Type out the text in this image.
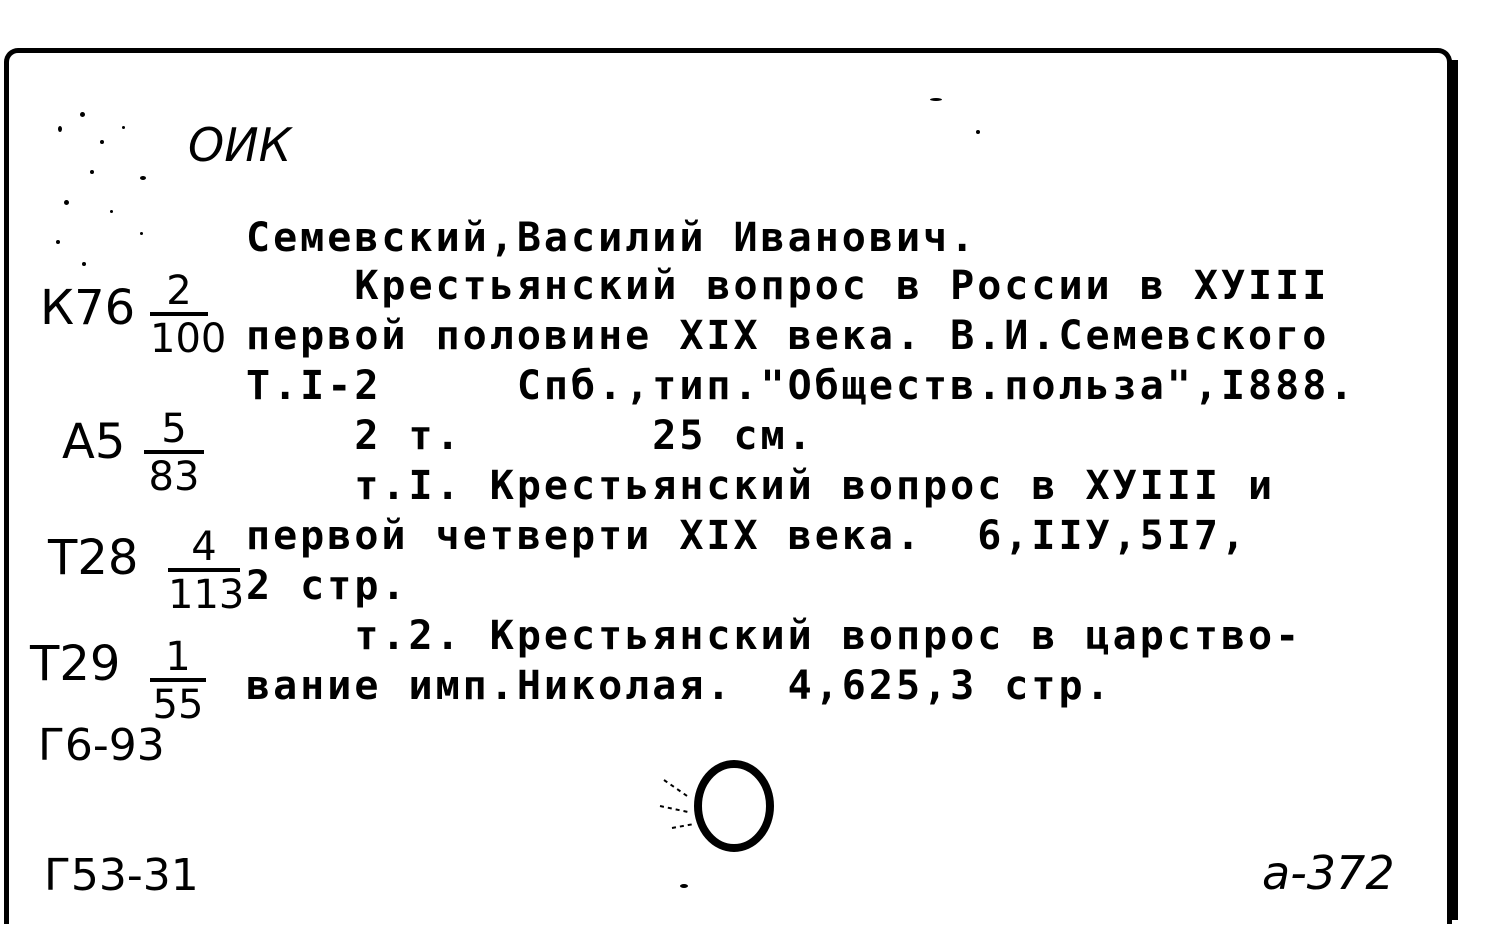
ОИК
Семевский,Василий Иванович.
Крестьянский вопрос в России в ХУIII
первой половине XIX века. В.И.Семевского
Т.I-2     Спб.,тип."Обществ.польза",I888.
2 т.       25 см.
т.I. Крестьянский вопрос в ХУIII и
первой четверти XIX века.  6,IIУ,5I7,
2 стр.
т.2. Крестьянский вопрос в царство-
вание имп.Николая.  4,625,3 стр.
$К76 \frac{2}{100}$
$А5 \frac{5}{83}$
$Т28 \frac{4}{113}$
$Т29 \frac{1}{55}$
Г6-93
Г53-31	а-372
